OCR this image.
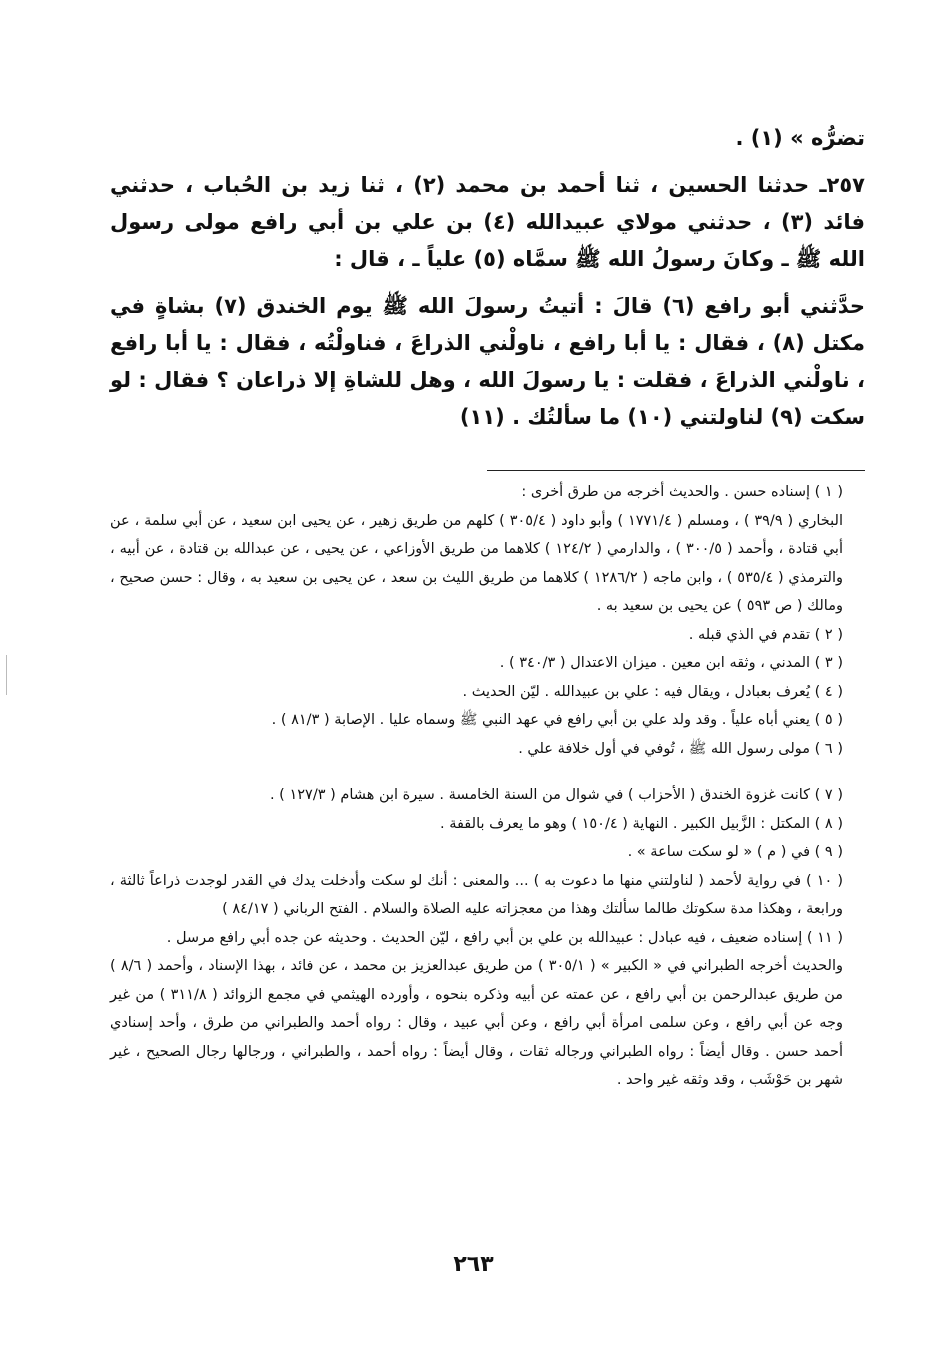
تضرُّه » (١) .

٢٥٧ـ حدثنا الحسين ، ثنا أحمد بن محمد (٢) ، ثنا زيد بن الحُباب ، حدثني فائد (٣) ، حدثني مولاي عبيدالله (٤) بن علي بن أبي رافع مولى رسول الله ﷺ ـ وكانَ رسولُ الله ﷺ سمَّاه (٥) علياً ـ ، قال :

حدَّثني أبو رافع (٦) قالَ : أتيتُ رسولَ الله ﷺ يوم الخندق (٧) بشاةٍ في مكتل (٨) ، فقال : يا أبا رافع ، ناولْني الذراعَ ، فناولْتُه ، فقال : يا أبا رافع ، ناولْني الذراعَ ، فقلت : يا رسولَ الله ، وهل للشاةِ إلا ذراعان ؟ فقال : لو سكت (٩) لناولتني (١٠) ما سألتُك . (١١)

( ١ ) إسناده حسن . والحديث أخرجه من طرق أخرى :

البخاري ( ٣٩/٩ ) ، ومسلم ( ١٧٧١/٤ ) وأبو داود ( ٣٠٥/٤ ) كلهم من طريق زهير ، عن يحيى ابن سعيد ، عن أبي سلمة ، عن أبي قتادة ، وأحمد ( ٣٠٠/٥ ) ، والدارمي ( ١٢٤/٢ ) كلاهما من طريق الأوزاعي ، عن يحيى ، عن عبدالله بن قتادة ، عن أبيه ، والترمذي ( ٥٣٥/٤ ) ، وابن ماجه ( ١٢٨٦/٢ ) كلاهما من طريق الليث بن سعد ، عن يحيى بن سعيد به ، وقال : حسن صحيح ، ومالك ( ص ٥٩٣ ) عن يحيى بن سعيد به .

( ٢ ) تقدم في الذي قبله .

( ٣ ) المدني ، وثقه ابن معين . ميزان الاعتدال ( ٣٤٠/٣ ) .

( ٤ ) يُعرف بعبادل ، ويقال فيه : علي بن عبيدالله . ليّن الحديث .

( ٥ ) يعني أباه علياً . وقد ولد علي بن أبي رافع في عهد النبي ﷺ وسماه عليا . الإصابة ( ٨١/٣ ) .

( ٦ ) مولى رسول الله ﷺ ، تُوفي في أول خلافة علي .

( ٧ ) كانت غزوة الخندق ( الأحزاب ) في شوال من السنة الخامسة . سيرة ابن هشام ( ١٢٧/٣ ) .

( ٨ ) المكتل : الزَّبيل الكبير . النهاية ( ١٥٠/٤ ) وهو ما يعرف بالقفة .

( ٩ ) في ( م ) « لو سكت ساعة » .

( ١٠ ) في رواية لأحمد ( لناولتني منها ما دعوت به ) ... والمعنى : أنك لو سكت وأدخلت يدك في القدر لوجدت ذراعاً ثالثة ، ورابعة ، وهكذا مدة سكوتك طالما سألتك وهذا من معجزاته عليه الصلاة والسلام . الفتح الرباني ( ٨٤/١٧ )

( ١١ ) إسناده ضعيف ، فيه عبادل : عبيدالله بن علي بن أبي رافع ، ليّن الحديث . وحديثه عن جده أبي رافع مرسل .

والحديث أخرجه الطبراني في « الكبير » ( ٣٠٥/١ ) من طريق عبدالعزيز بن محمد ، عن فائد ، بهذا الإسناد ، وأحمد ( ٨/٦ ) من طريق عبدالرحمن بن أبي رافع ، عن عمته عن أبيه وذكره بنحوه ، وأورده الهيثمي في مجمع الزوائد ( ٣١١/٨ ) من غير وجه عن أبي رافع ، وعن سلمى امرأة أبي رافع ، وعن أبي عبيد ، وقال : رواه أحمد والطبراني من طرق ، وأحد إسنادي أحمد حسن . وقال أيضاً : رواه الطبراني ورجاله ثقات ، وقال أيضاً : رواه أحمد ، والطبراني ، ورجالها رجال الصحيح ، غير شهر بن حَوْشَب ، وقد وثقه غير واحد .

٢٦٣
